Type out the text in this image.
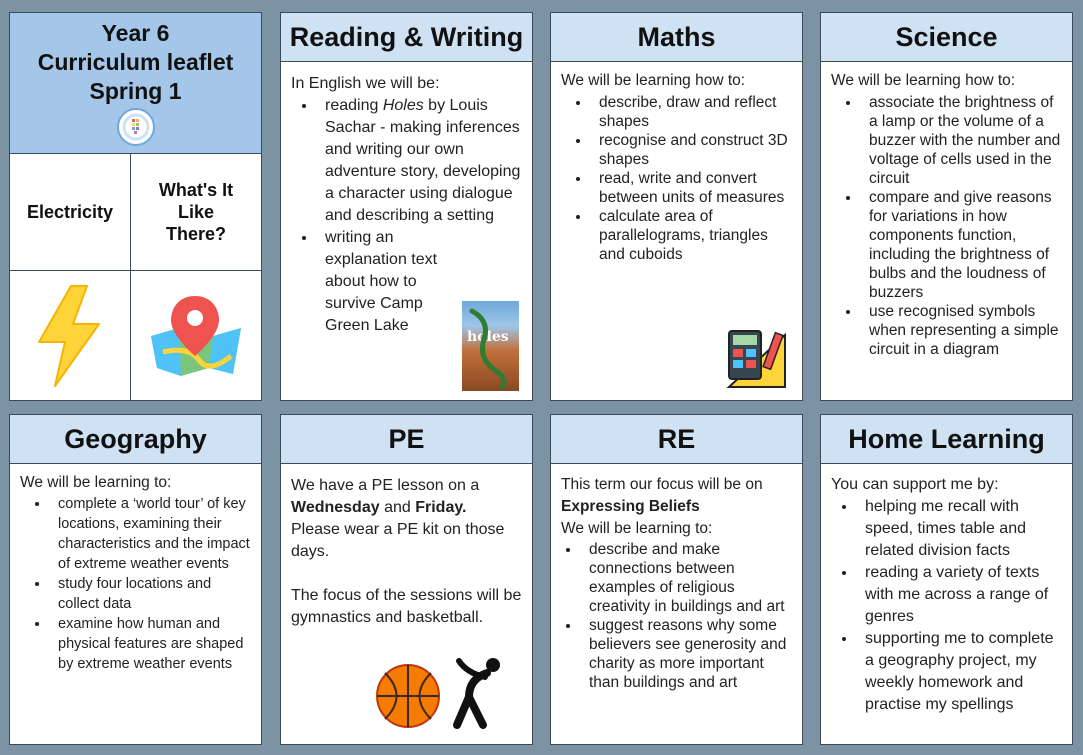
Year 6
Curriculum leaflet
Spring 1
Electricity
What's It Like There?
Reading & Writing

In English we will be:

• reading Holes by Louis Sachar - making inferences and writing our own adventure story, developing a character using dialogue and describing a setting
• writing an explanation text about how to survive Camp Green Lake
holes
Maths

We will be learning how to:

• describe, draw and reflect shapes
• recognise and construct 3D shapes
• read, write and convert between units of measures
• calculate area of parallelograms, triangles and cuboids
Science

We will be learning how to:

• associate the brightness of a lamp or the volume of a buzzer with the number and voltage of cells used in the circuit
• compare and give reasons for variations in how components function, including the brightness of bulbs and the loudness of buzzers
• use recognised symbols when representing a simple circuit in a diagram
Geography

We will be learning to:

• complete a ‘world tour’ of key locations, examining their characteristics and the impact of extreme weather events
• study four locations and collect data
• examine how human and physical features are shaped by extreme weather events
PE

We have a PE lesson on a Wednesday and Friday.

Please wear a PE kit on those days.

The focus of the sessions will be gymnastics and basketball.

RE

This term our focus will be on

Expressing Beliefs

We will be learning to:

• describe and make connections between examples of religious creativity in buildings and art
• suggest reasons why some believers see generosity and charity as more important than buildings and art
Home Learning

You can support me by:

• helping me recall with speed, times table and related division facts
• reading a variety of texts with me across a range of genres
• supporting me to complete a geography project, my weekly homework and practise my spellings
